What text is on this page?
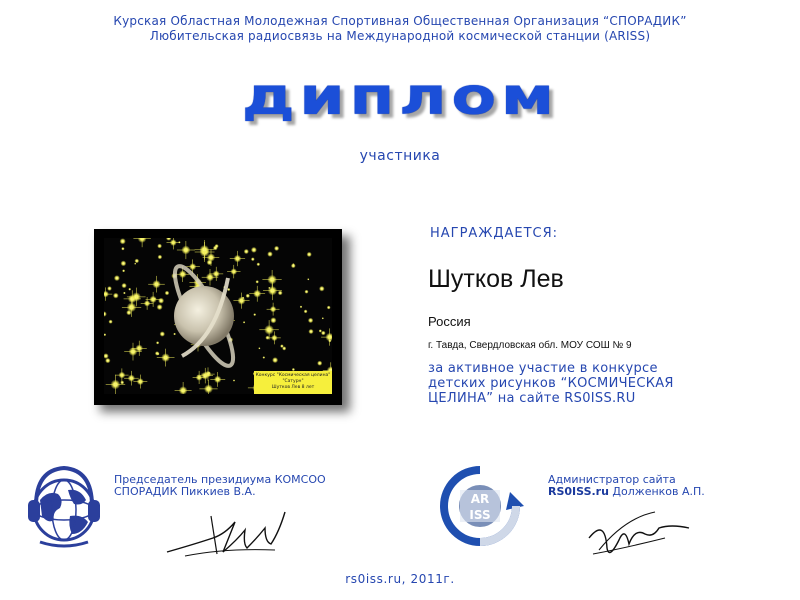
Курская Областная Молодежная Спортивная Общественная Организация “СПОРАДИК”
Любительская радиосвязь на Международной космической станции (ARISS)
диплом
участника
Конкурс "Космическая целина"
"Сатурн"
Шутков Лев 8 лет
НАГРАЖДАЕТСЯ:
Шутков Лев
Россия
г. Тавда, Свердловская обл. МОУ СОШ № 9
за активное участие в конкурсе
детских рисунков “КОСМИЧЕСКАЯ
ЦЕЛИНА” на сайте RS0ISS.RU
Председатель президиума КОМСОО
СПОРАДИК Пиккиев В.А.
AR
ISS
Администратор сайта
RS0ISS.ru Долженков А.П.
rs0iss.ru, 2011г.
